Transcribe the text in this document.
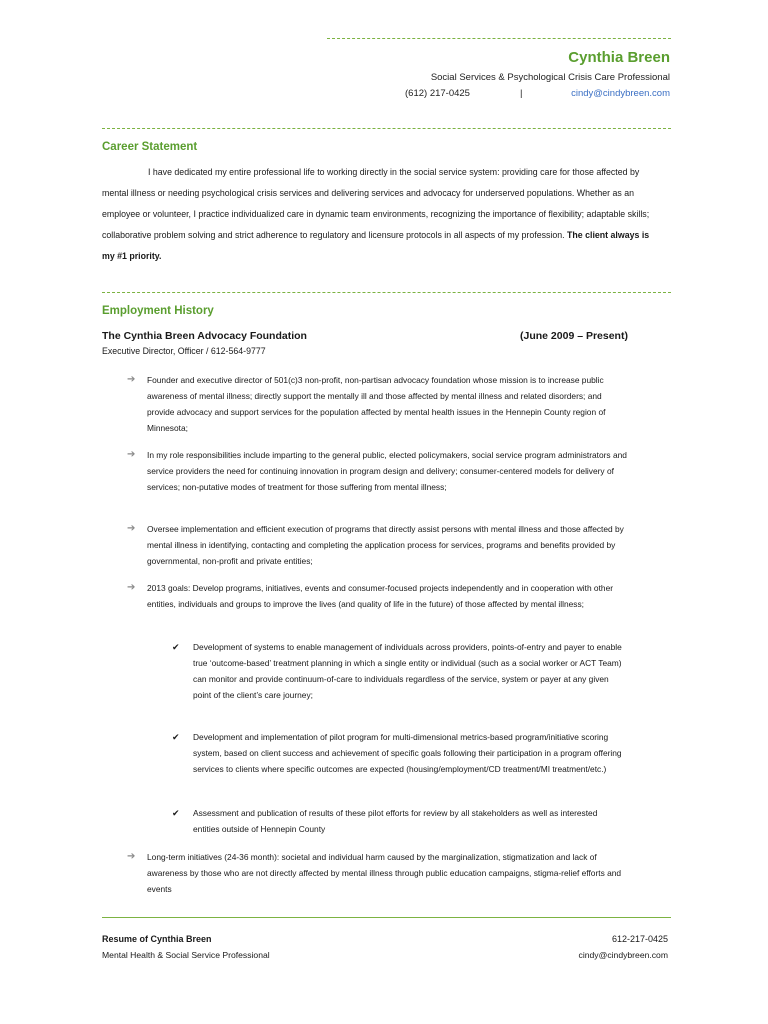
Cynthia Breen
Social Services & Psychological Crisis Care Professional
(612) 217-0425	|	cindy@cindybreen.com
Career Statement
I have dedicated my entire professional life to working directly in the social service system: providing care for those affected by mental illness or needing psychological crisis services and delivering services and advocacy for underserved populations. Whether as an employee or volunteer, I practice individualized care in dynamic team environments, recognizing the importance of flexibility; adaptable skills; collaborative problem solving and strict adherence to regulatory and licensure protocols in all aspects of my profession. The client always is my #1 priority.
Employment History
The Cynthia Breen Advocacy Foundation	(June 2009 – Present)
Executive Director, Officer / 612-564-9777
➔ Founder and executive director of 501(c)3 non-profit, non-partisan advocacy foundation whose mission is to increase public awareness of mental illness; directly support the mentally ill and those affected by mental illness and related disorders; and provide advocacy and support services for the population affected by mental health issues in the Hennepin County region of Minnesota;
➔ In my role responsibilities include imparting to the general public, elected policymakers, social service program administrators and service providers the need for continuing innovation in program design and delivery; consumer-centered models for delivery of services; non-putative modes of treatment for those suffering from mental illness;
➔ Oversee implementation and efficient execution of programs that directly assist persons with mental illness and those affected by mental illness in identifying, contacting and completing the application process for services, programs and benefits provided by governmental, non-profit and private entities;
➔ 2013 goals: Develop programs, initiatives, events and consumer-focused projects independently and in cooperation with other entities, individuals and groups to improve the lives (and quality of life in the future) of those affected by mental illness;
✔ Development of systems to enable management of individuals across providers, points-of-entry and payer to enable true ‘outcome-based’ treatment planning in which a single entity or individual (such as a social worker or ACT Team) can monitor and provide continuum-of-care to individuals regardless of the service, system or payer at any given point of the client’s care journey;
✔ Development and implementation of pilot program for multi-dimensional metrics-based program/initiative scoring system, based on client success and achievement of specific goals following their participation in a program offering services to clients where specific outcomes are expected (housing/employment/CD treatment/MI treatment/etc.)
✔ Assessment and publication of results of these pilot efforts for review by all stakeholders as well as interested entities outside of Hennepin County
➔ Long-term initiatives (24-36 month): societal and individual harm caused by the marginalization, stigmatization and lack of awareness by those who are not directly affected by mental illness through public education campaigns, stigma-relief efforts and events
Resume of Cynthia Breen
Mental Health & Social Service Professional
612-217-0425
cindy@cindybreen.com
